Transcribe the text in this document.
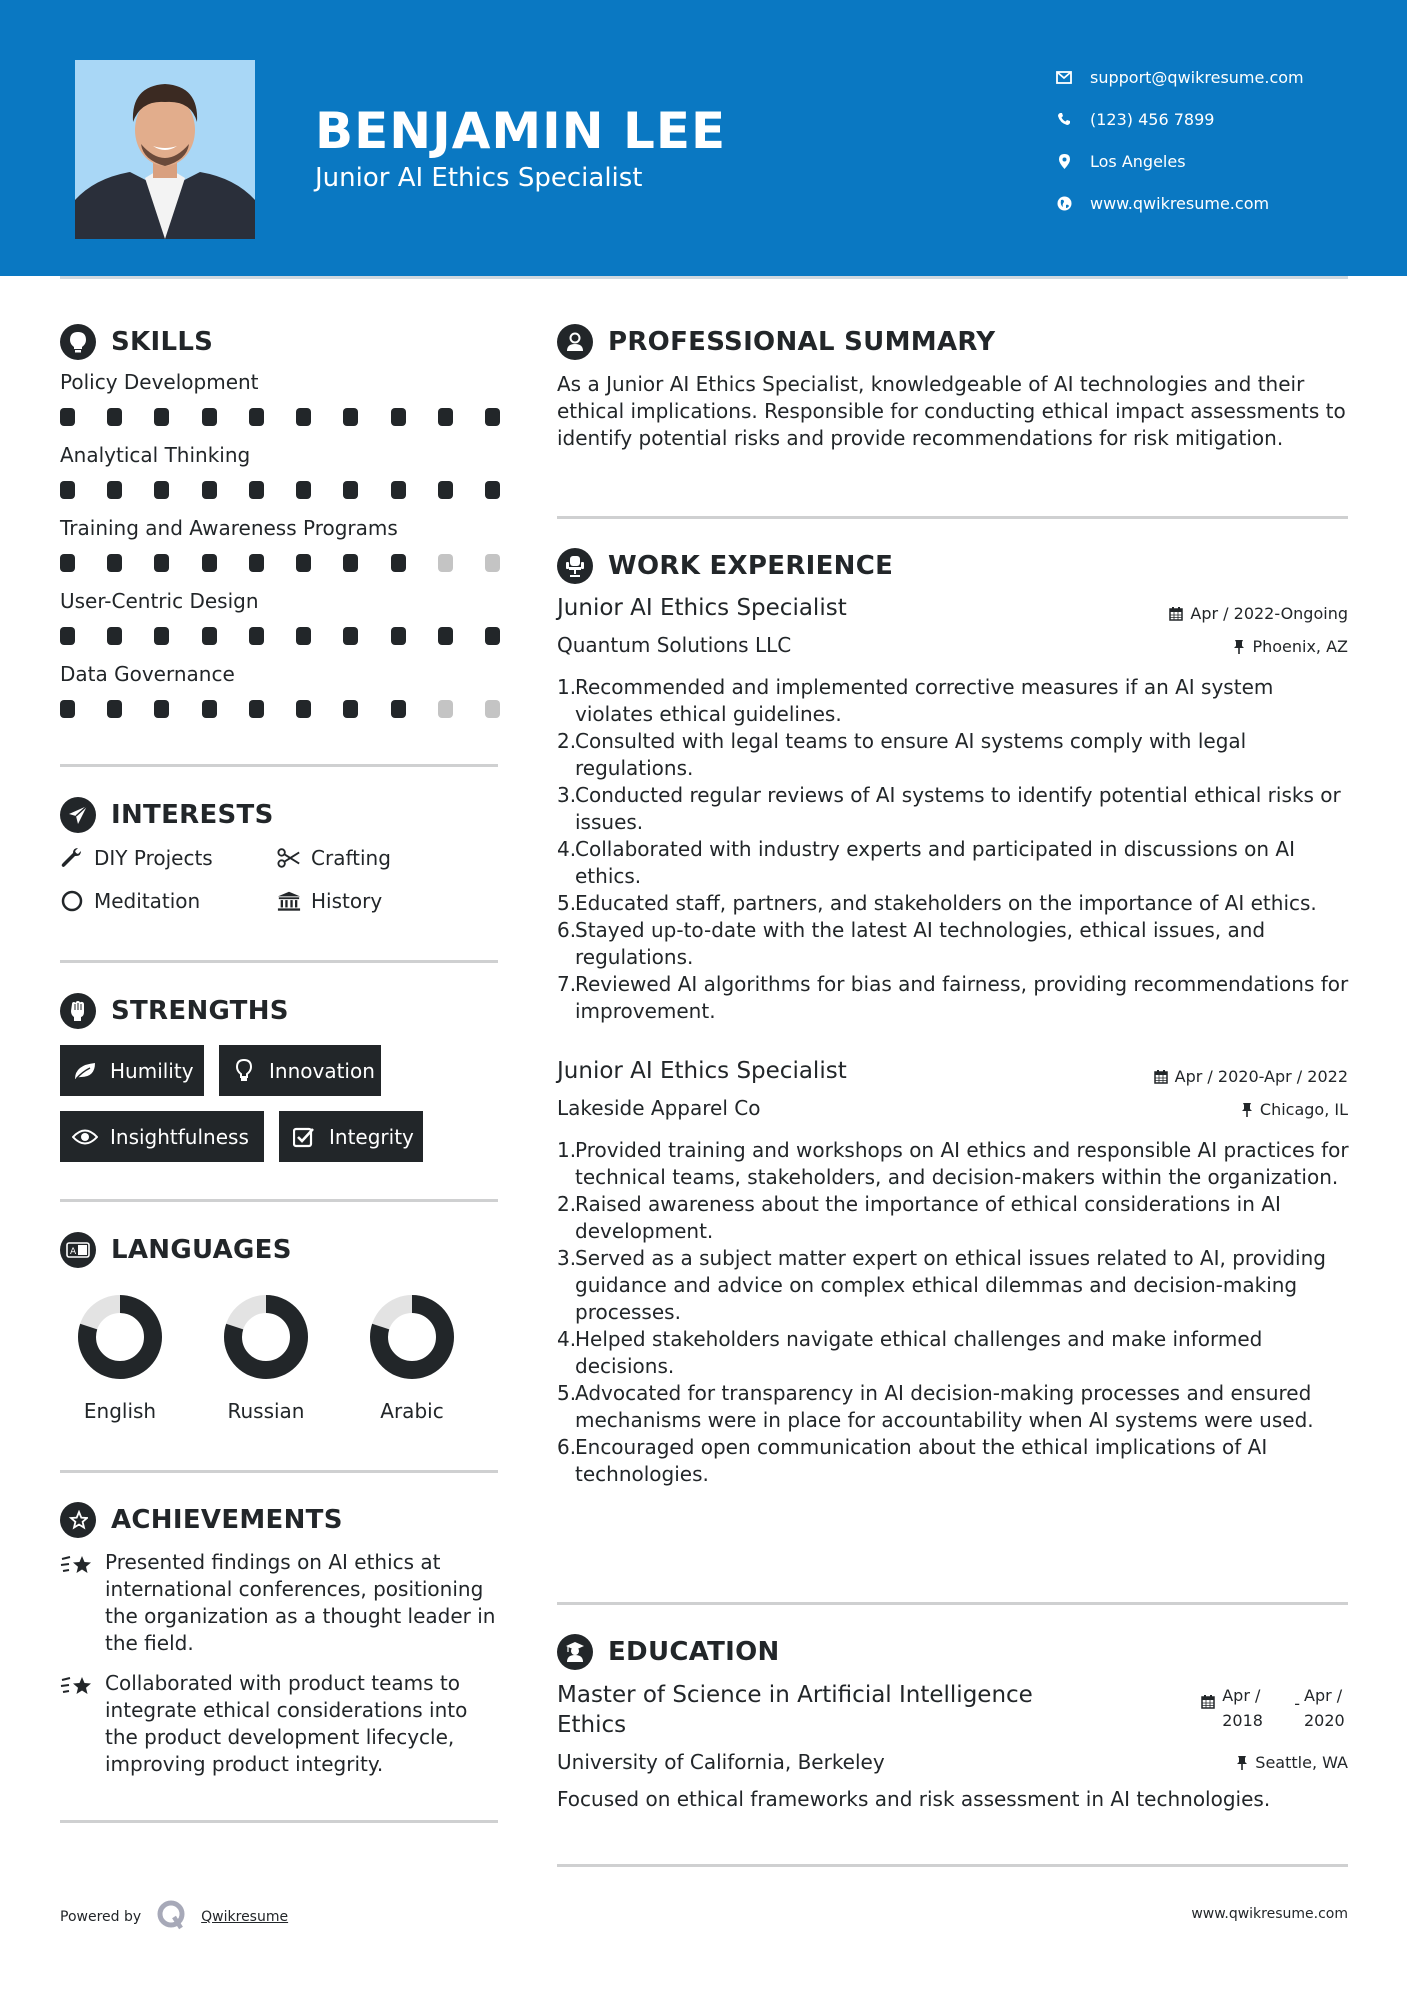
BENJAMIN LEE
Junior AI Ethics Specialist
support@qwikresume.com
(123) 456 7899
Los Angeles
www.qwikresume.com
SKILLS
Policy Development
Analytical Thinking
Training and Awareness Programs
User-Centric Design
Data Governance
INTERESTS
DIY Projects	Crafting
Meditation	History
STRENGTHS
Humility	Innovation
Insightfulness	Integrity
A LANGUAGES
English	Russian	Arabic
ACHIEVEMENTS
Presented findings on AI ethics at international conferences, positioning the organization as a thought leader in the field.
Collaborated with product teams to integrate ethical considerations into the product development lifecycle, improving product integrity.
PROFESSIONAL SUMMARY
As a Junior AI Ethics Specialist, knowledgeable of AI technologies and their ethical implications. Responsible for conducting ethical impact assessments to identify potential risks and provide recommendations for risk mitigation.
WORK EXPERIENCE
Junior AI Ethics Specialist	Apr / 2022-Ongoing
Quantum Solutions LLC	Phoenix, AZ
1.Recommended and implemented corrective measures if an AI system violates ethical guidelines.
2.Consulted with legal teams to ensure AI systems comply with legal regulations.
3.Conducted regular reviews of AI systems to identify potential ethical risks or issues.
4.Collaborated with industry experts and participated in discussions on AI ethics.
5.Educated staff, partners, and stakeholders on the importance of AI ethics.
6.Stayed up-to-date with the latest AI technologies, ethical issues, and regulations.
7.Reviewed AI algorithms for bias and fairness, providing recommendations for improvement.
Junior AI Ethics Specialist	Apr / 2020-Apr / 2022
Lakeside Apparel Co	Chicago, IL
1.Provided training and workshops on AI ethics and responsible AI practices for technical teams, stakeholders, and decision-makers within the organization.
2.Raised awareness about the importance of ethical considerations in AI development.
3.Served as a subject matter expert on ethical issues related to AI, providing guidance and advice on complex ethical dilemmas and decision-making processes.
4.Helped stakeholders navigate ethical challenges and make informed decisions.
5.Advocated for transparency in AI decision-making processes and ensured mechanisms were in place for accountability when AI systems were used.
6.Encouraged open communication about the ethical implications of AI technologies.
EDUCATION
Master of Science in Artificial Intelligence Ethics
Apr /
2018
- Apr /
2020
University of California, Berkeley	Seattle, WA
Focused on ethical frameworks and risk assessment in AI technologies.
Powered by	Qwikresume	www.qwikresume.com
